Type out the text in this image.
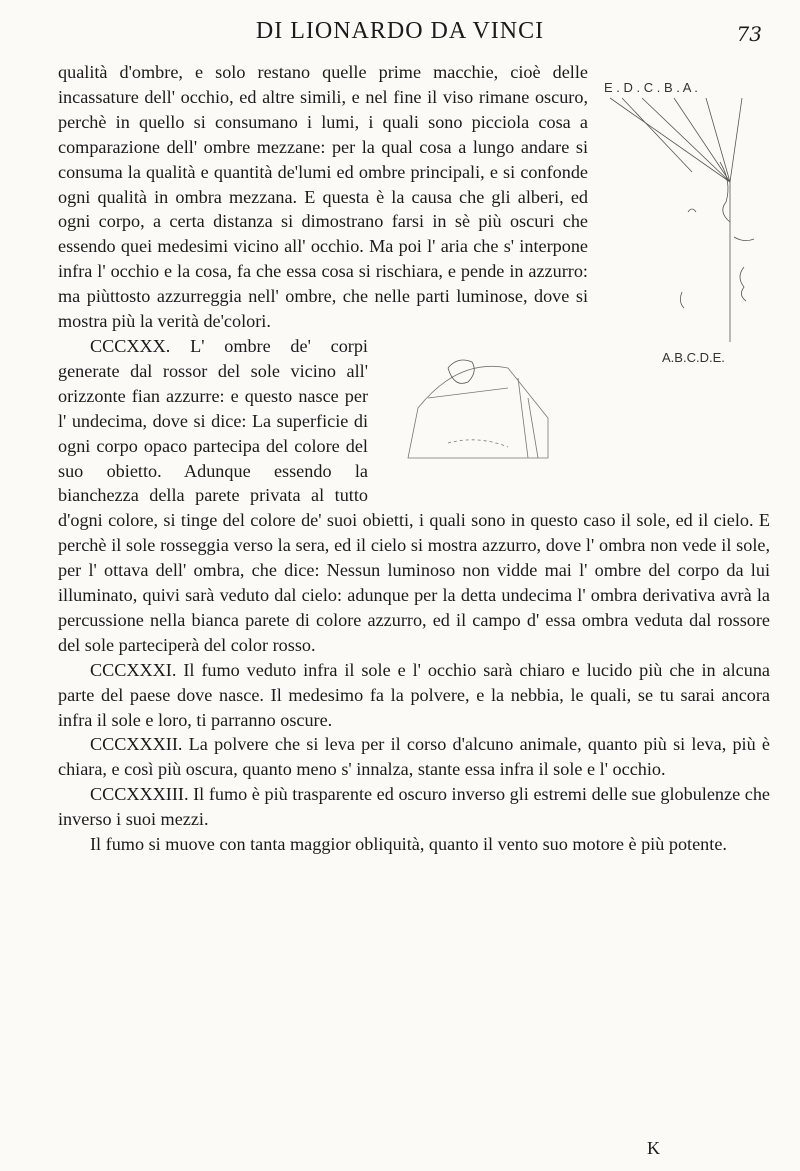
DI LIONARDO DA VINCI	73
E . D . C . B . A .
A.B.C.D.E.

qualità d'ombre, e solo restano quelle prime macchie, cioè delle incassature dell' occhio, ed altre simili, e nel fine il viso rimane oscuro, perchè in quello si consumano i lumi, i quali sono picciola cosa a comparazione dell' ombre mezzane: per la qual cosa a lungo andare si consuma la qualità e quantità de'lumi ed ombre principali, e si confonde ogni qualità in ombra mezzana. E questa è la causa che gli alberi, ed ogni corpo, a certa distanza si dimostrano farsi in sè più oscuri che essendo quei medesimi vicino all' occhio. Ma poi l' aria che s' interpone infra l' occhio e la cosa, fa che essa cosa si rischiara, e pende in azzurro: ma piùttosto azzurreggia nell' ombre, che nelle parti luminose, dove si mostra più la verità de'colori.

CCCXXX. L' ombre de' corpi generate dal rossor del sole vicino all' orizzonte fian azzurre: e questo nasce per l' undecima, dove si dice: La superficie di ogni corpo opaco partecipa del colore del suo obietto. Adunque essendo la bianchezza della parete privata al tutto d'ogni colore, si tinge del colore de' suoi obietti, i quali sono in questo caso il sole, ed il cielo. E perchè il sole rosseggia verso la sera, ed il cielo si mostra azzurro, dove l' ombra non vede il sole, per l' ottava dell' ombra, che dice: Nessun luminoso non vidde mai l' ombre del corpo da lui illuminato, quivi sarà veduto dal cielo: adunque per la detta undecima l' ombra derivativa avrà la percussione nella bianca parete di colore azzurro, ed il campo d' essa ombra veduta dal rossore del sole parteciperà del color rosso.

CCCXXXI. Il fumo veduto infra il sole e l' occhio sarà chiaro e lucido più che in alcuna parte del paese dove nasce. Il medesimo fa la polvere, e la nebbia, le quali, se tu sarai ancora infra il sole e loro, ti parranno oscure.

CCCXXXII. La polvere che si leva per il corso d'alcuno animale, quanto più si leva, più è chiara, e così più oscura, quanto meno s' innalza, stante essa infra il sole e l' occhio.

CCCXXXIII. Il fumo è più trasparente ed oscuro inverso gli estremi delle sue globulenze che inverso i suoi mezzi.

Il fumo si muove con tanta maggior obliquità, quanto il vento suo motore è più potente.

K
